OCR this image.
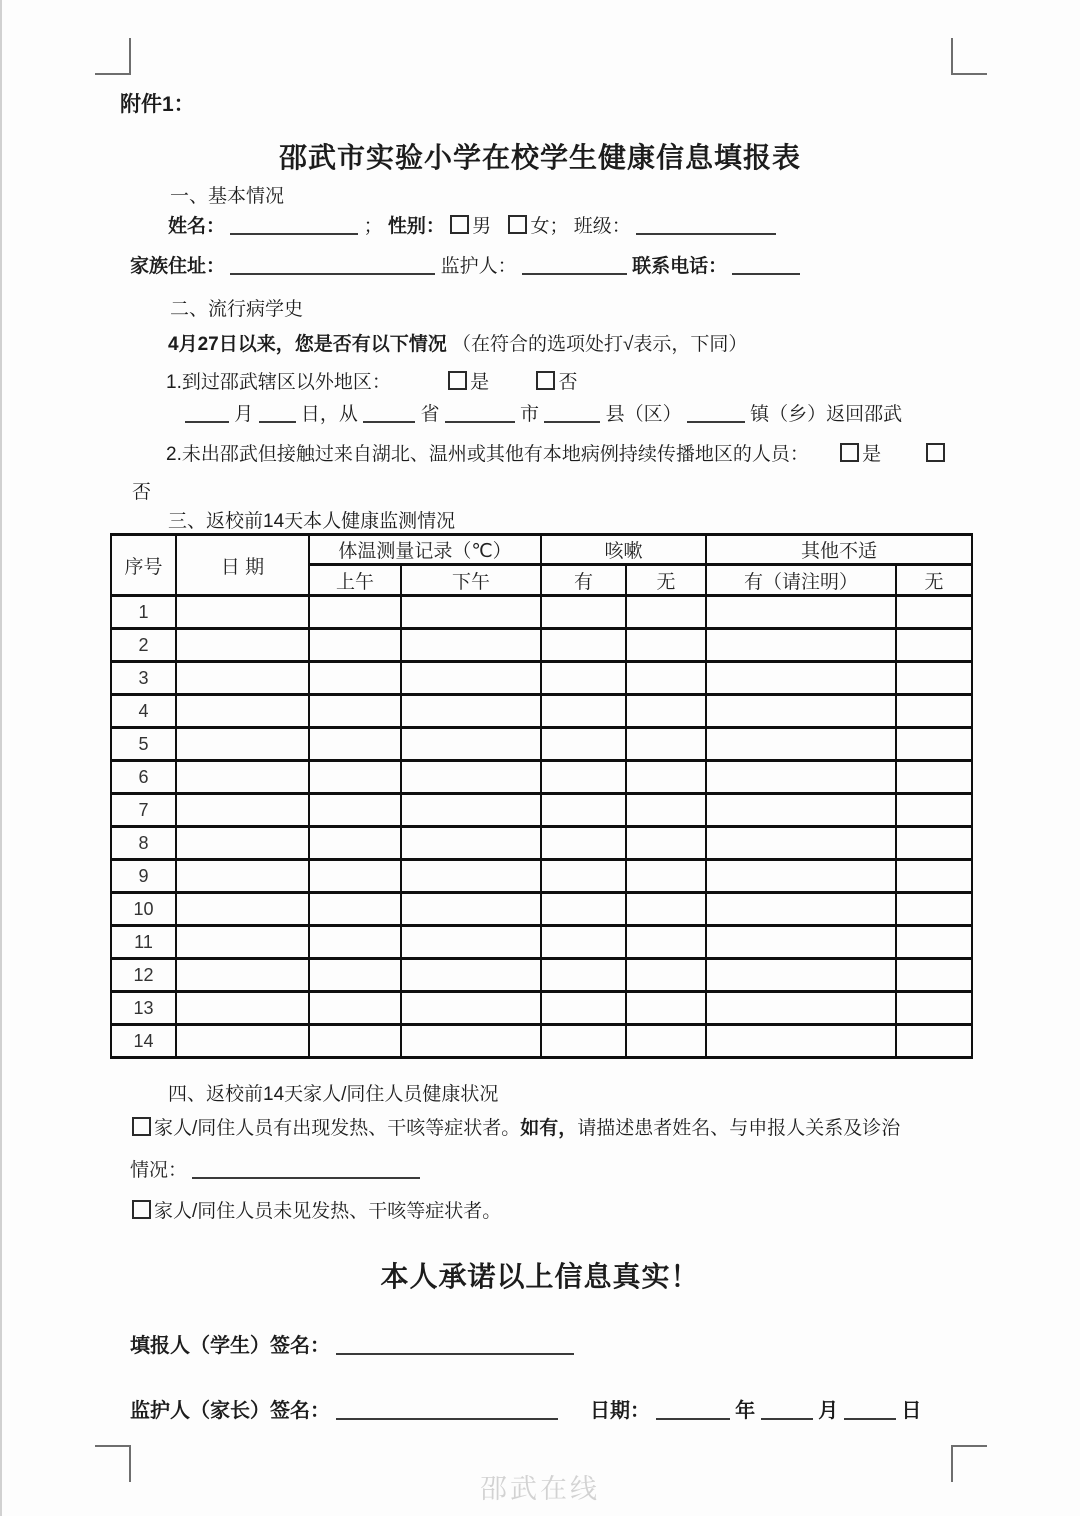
附件1：
邵武市实验小学在校学生健康信息填报表
一、基本情况
姓名：	； 性别： 男 女； 班级：
家族住址：	监护人：	联系电话：
二、流行病学史
4月27日以来，您是否有以下情况 （在符合的选项处打√表示，下同）
1.到过邵武辖区以外地区：	是	否
月	日，从	省	市	县（区）	镇（乡）返回邵武
2.未出邵武但接触过来自湖北、温州或其他有本地病例持续传播地区的人员：	是
否
三、返校前14天本人健康监测情况
序号	日 期	体温测量记录（℃）		咳嗽		其他不适	
		上午	下午	有	无	有（请注明）	无
1							
2							
3							
4							
5							
6							
7							
8							
9							
10							
11							
12							
13							
14							
四、返校前14天家人/同住人员健康状况
家人/同住人员有出现发热、干咳等症状者。如有，请描述患者姓名、与申报人关系及诊治
情况：
家人/同住人员未见发热、干咳等症状者。
本人承诺以上信息真实！
填报人（学生）签名：
监护人（家长）签名：	日期：	年	月	日
邵武在线
